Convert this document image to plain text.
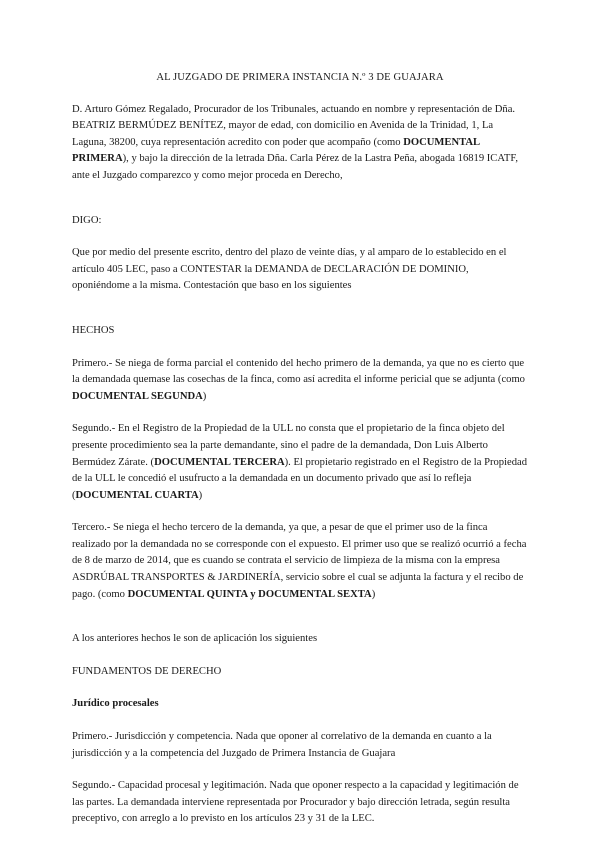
AL JUZGADO DE PRIMERA INSTANCIA N.º 3 DE GUAJARA

D. Arturo Gómez Regalado, Procurador de los Tribunales, actuando en nombre y representación de Dña. BEATRIZ BERMÚDEZ BENÍTEZ, mayor de edad, con domicilio en Avenida de la Trinidad, 1, La Laguna, 38200, cuya representación acredito con poder que acompaño (como DOCUMENTAL PRIMERA), y bajo la dirección de la letrada Dña. Carla Pérez de la Lastra Peña, abogada 16819 ICATF, ante el Juzgado comparezco y como mejor proceda en Derecho,

DIGO:

Que por medio del presente escrito, dentro del plazo de veinte días, y al amparo de lo establecido en el artículo 405 LEC, paso a CONTESTAR la DEMANDA de DECLARACIÓN DE DOMINIO, oponiéndome a la misma. Contestación que baso en los siguientes

HECHOS

Primero.- Se niega de forma parcial el contenido del hecho primero de la demanda, ya que no es cierto que la demandada quemase las cosechas de la finca, como así acredita el informe pericial que se adjunta (como DOCUMENTAL SEGUNDA)

Segundo.- En el Registro de la Propiedad de la ULL no consta que el propietario de la finca objeto del presente procedimiento sea la parte demandante, sino el padre de la demandada, Don Luis Alberto Bermúdez Zárate. (DOCUMENTAL TERCERA). El propietario registrado en el Registro de la Propiedad de la ULL le concedió el usufructo a la demandada en un documento privado que así lo refleja (DOCUMENTAL CUARTA)

Tercero.- Se niega el hecho tercero de la demanda, ya que, a pesar de que el primer uso de la finca realizado por la demandada no se corresponde con el expuesto. El primer uso que se realizó ocurrió a fecha de 8 de marzo de 2014, que es cuando se contrata el servicio de limpieza de la misma con la empresa ASDRÚBAL TRANSPORTES & JARDINERÍA, servicio sobre el cual se adjunta la factura y el recibo de pago. (como DOCUMENTAL QUINTA y DOCUMENTAL SEXTA)

A los anteriores hechos le son de aplicación los siguientes

FUNDAMENTOS DE DERECHO

Jurídico procesales

Primero.- Jurisdicción y competencia. Nada que oponer al correlativo de la demanda en cuanto a la jurisdicción y a la competencia del Juzgado de Primera Instancia de Guajara

Segundo.- Capacidad procesal y legitimación. Nada que oponer respecto a la capacidad y legitimación de las partes. La demandada interviene representada por Procurador y bajo dirección letrada, según resulta preceptivo, con arreglo a lo previsto en los artículos 23 y 31 de la LEC.
